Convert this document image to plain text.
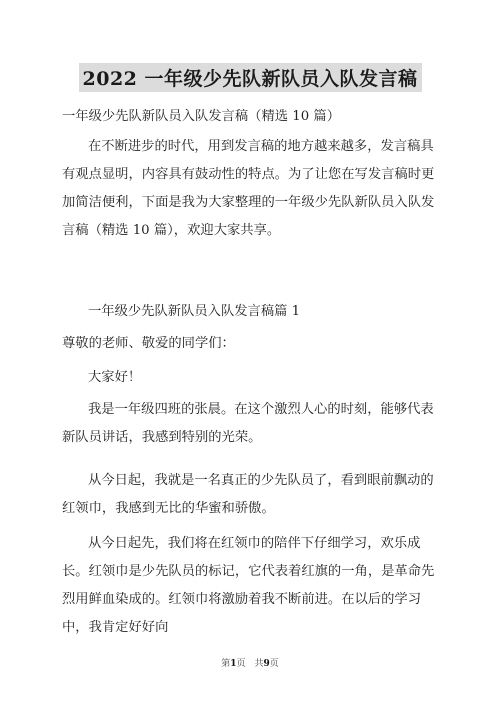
2022 一年级少先队新队员入队发言稿

一年级少先队新队员入队发言稿（精选 10 篇）

在不断进步的时代，用到发言稿的地方越来越多，发言稿具有观点显明，内容具有鼓动性的特点。为了让您在写发言稿时更加简洁便利，下面是我为大家整理的一年级少先队新队员入队发言稿（精选 10 篇），欢迎大家共享。

一年级少先队新队员入队发言稿篇 1

尊敬的老师、敬爱的同学们：

大家好！

我是一年级四班的张晨。在这个激烈人心的时刻，能够代表新队员讲话，我感到特别的光荣。

从今日起，我就是一名真正的少先队员了，看到眼前飘动的红领巾，我感到无比的华蜜和骄傲。

从今日起先，我们将在红领巾的陪伴下仔细学习，欢乐成长。红领巾是少先队员的标记，它代表着红旗的一角，是革命先烈用鲜血染成的。红领巾将激励着我不断前进。在以后的学习中，我肯定好好向

第1页　共9页
